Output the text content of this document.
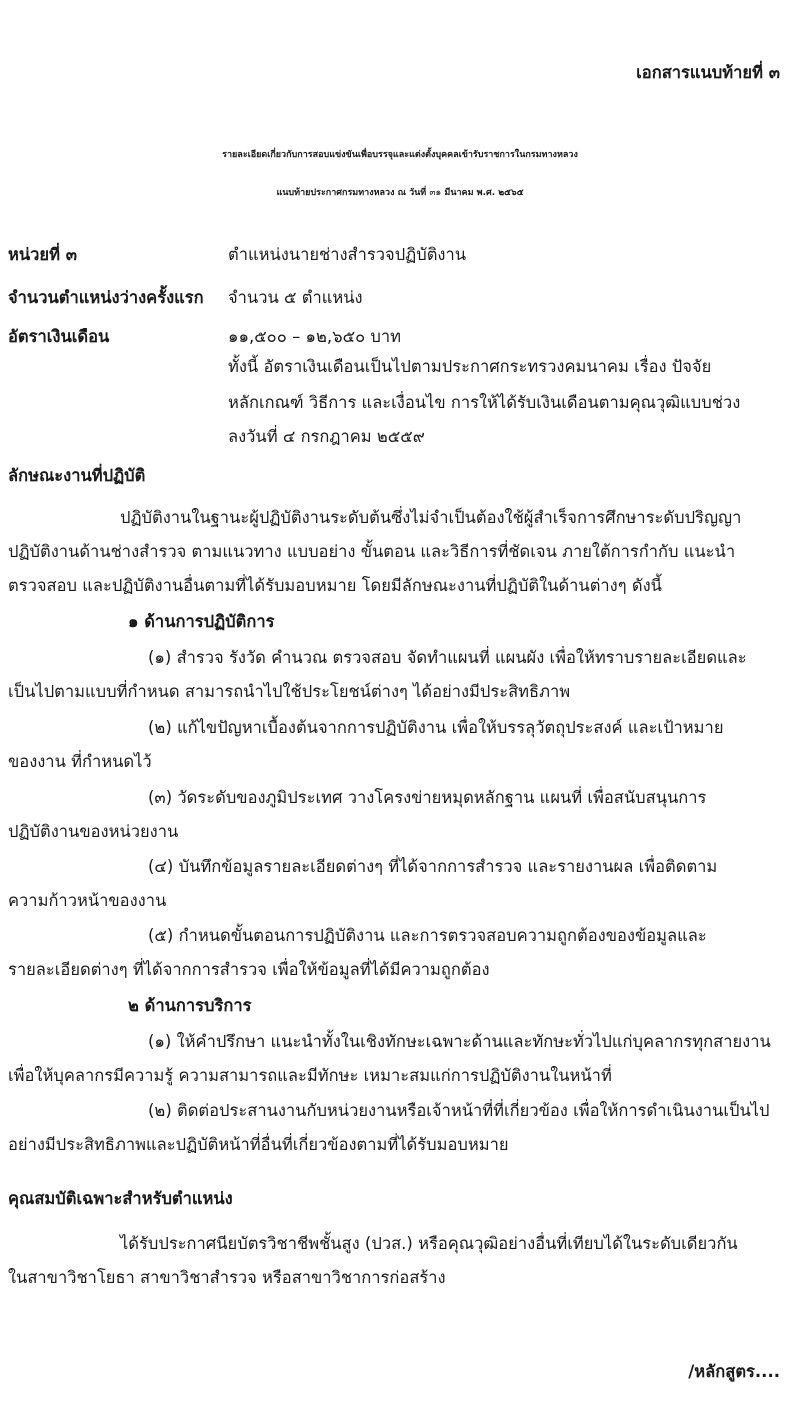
เอกสารแนบท้ายที่ ๓
รายละเอียดเกี่ยวกับการสอบแข่งขันเพื่อบรรจุและแต่งตั้งบุคคลเข้ารับราชการในกรมทางหลวง
แนบท้ายประกาศกรมทางหลวง ณ วันที่ ๓๑ มีนาคม พ.ศ. ๒๕๖๕
หน่วยที่ ๓	ตำแหน่งนายช่างสำรวจปฏิบัติงาน
จำนวนตำแหน่งว่างครั้งแรก จำนวน ๕ ตำแหน่ง
อัตราเงินเดือน	๑๑,๕๐๐ – ๑๒,๖๕๐ บาท
ทั้งนี้ อัตราเงินเดือนเป็นไปตามประกาศกระทรวงคมนาคม เรื่อง ปัจจัย
หลักเกณฑ์ วิธีการ และเงื่อนไข การให้ได้รับเงินเดือนตามคุณวุฒิแบบช่วง
ลงวันที่ ๔ กรกฎาคม ๒๕๕๙
ลักษณะงานที่ปฏิบัติ
ปฏิบัติงานในฐานะผู้ปฏิบัติงานระดับต้นซึ่งไม่จำเป็นต้องใช้ผู้สำเร็จการศึกษาระดับปริญญา
ปฏิบัติงานด้านช่างสำรวจ ตามแนวทาง แบบอย่าง ขั้นตอน และวิธีการที่ชัดเจน ภายใต้การกำกับ แนะนำ
ตรวจสอบ และปฏิบัติงานอื่นตามที่ได้รับมอบหมาย โดยมีลักษณะงานที่ปฏิบัติในด้านต่างๆ ดังนี้
๑ ด้านการปฏิบัติการ
(๑) สำรวจ รังวัด คำนวณ ตรวจสอบ จัดทำแผนที่ แผนผัง เพื่อให้ทราบรายละเอียดและ
เป็นไปตามแบบที่กำหนด สามารถนำไปใช้ประโยชน์ต่างๆ ได้อย่างมีประสิทธิภาพ
(๒) แก้ไขปัญหาเบื้องต้นจากการปฏิบัติงาน เพื่อให้บรรลุวัตถุประสงค์ และเป้าหมาย
ของงาน ที่กำหนดไว้
(๓) วัดระดับของภูมิประเทศ วางโครงข่ายหมุดหลักฐาน แผนที่ เพื่อสนับสนุนการ
ปฏิบัติงานของหน่วยงาน
(๔) บันทึกข้อมูลรายละเอียดต่างๆ ที่ได้จากการสำรวจ และรายงานผล เพื่อติดตาม
ความก้าวหน้าของงาน
(๕) กำหนดขั้นตอนการปฏิบัติงาน และการตรวจสอบความถูกต้องของข้อมูลและ
รายละเอียดต่างๆ ที่ได้จากการสำรวจ เพื่อให้ข้อมูลที่ได้มีความถูกต้อง
๒ ด้านการบริการ
(๑) ให้คำปรึกษา แนะนำทั้งในเชิงทักษะเฉพาะด้านและทักษะทั่วไปแก่บุคลากรทุกสายงาน
เพื่อให้บุคลากรมีความรู้ ความสามารถและมีทักษะ เหมาะสมแก่การปฏิบัติงานในหน้าที่
(๒) ติดต่อประสานงานกับหน่วยงานหรือเจ้าหน้าที่ที่เกี่ยวข้อง เพื่อให้การดำเนินงานเป็นไป
อย่างมีประสิทธิภาพและปฏิบัติหน้าที่อื่นที่เกี่ยวข้องตามที่ได้รับมอบหมาย
คุณสมบัติเฉพาะสำหรับตำแหน่ง
ได้รับประกาศนียบัตรวิชาชีพชั้นสูง (ปวส.) หรือคุณวุฒิอย่างอื่นที่เทียบได้ในระดับเดียวกัน
ในสาขาวิชาโยธา สาขาวิชาสำรวจ หรือสาขาวิชาการก่อสร้าง
/หลักสูตร....
